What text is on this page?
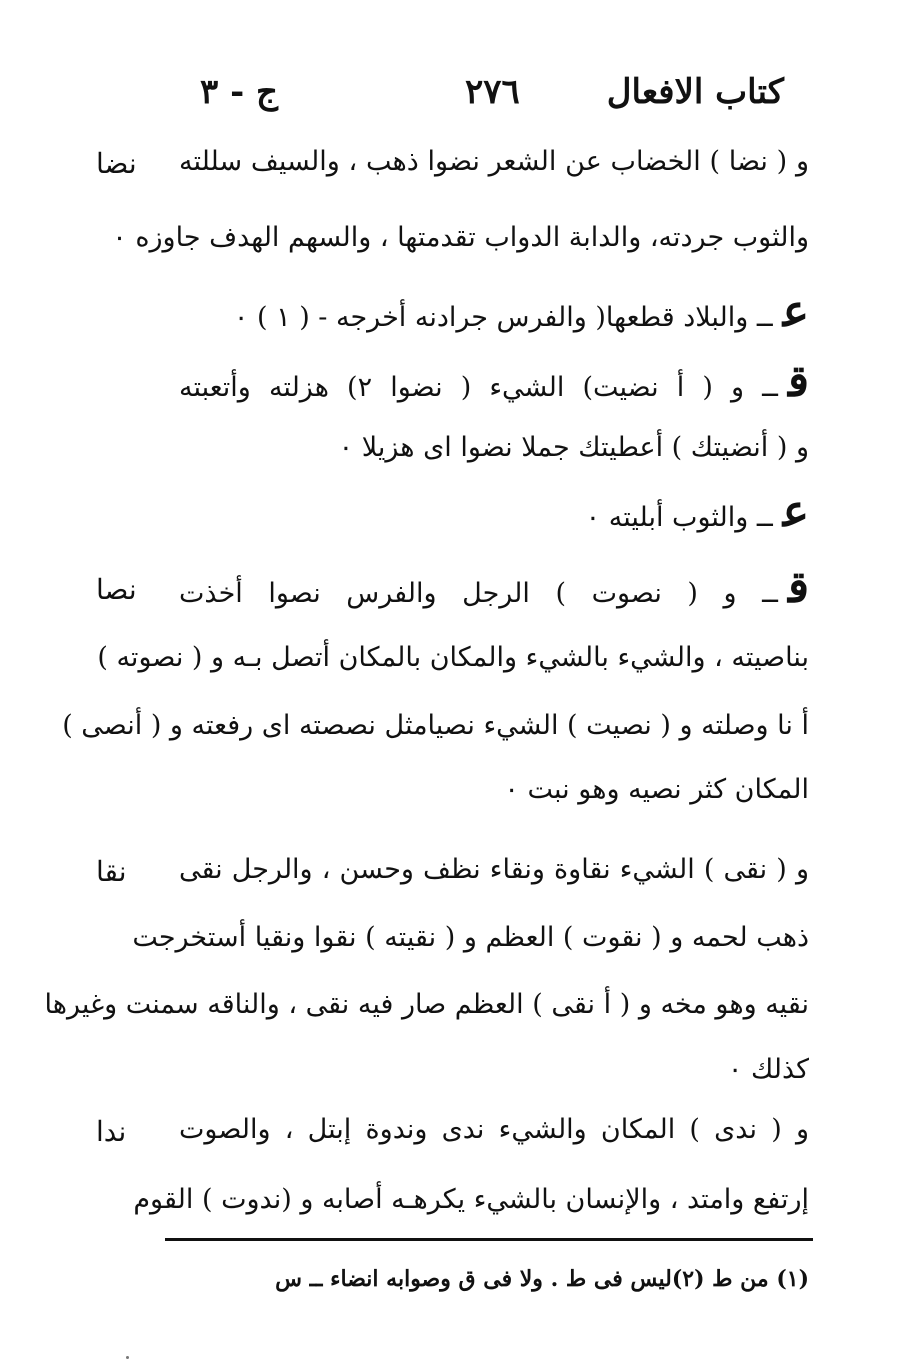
كتاب الافعال
٢٧٦
ج - ٣
نضا	و ( نضا ) الخضاب عن الشعر نضوا ذهب ، والسيف سللته
والثوب جردته، والدابة الدواب تقدمتها ، والسهم الهدف جاوزه ٠
عــ والبلاد قطعها( والفرس جرادنه أخرجه - ( ١ ) ٠
قــ و ( أ نضيت) الشيء ( نضوا ٢) هزلته وأتعبته
و ( أنضيتك ) أعطيتك جملا نضوا اى هزيلا ٠
عــ والثوب أبليته ٠
نصا	قــ و ( نصوت ) الرجل والفرس نصوا أخذت
بناصيته ، والشيء بالشيء والمكان بالمكان أتصل بـه و ( نصوته )
أ نا وصلته و ( نصيت ) الشيء نصيامثل نصصته اى رفعته و ( أنصى )
المكان كثر نصيه وهو نبت ٠
نقا	و ( نقى ) الشيء نقاوة ونقاء نظف وحسن ، والرجل نقى
ذهب لحمه و ( نقوت ) العظم و ( نقيته ) نقوا ونقيا أستخرجت
نقيه وهو مخه و ( أ نقى ) العظم صار فيه نقى ، والناقه سمنت وغيرها
كذلك ٠
ندا	و ( ندى ) المكان والشيء ندى وندوة إبتل ، والصوت
إرتفع وامتد ، والإنسان بالشيء يكرهـه أصابه و (ندوت ) القوم
(١) من ط (٢)ليس فى ط . ولا فى ق وصوابه انضاء ــ س
